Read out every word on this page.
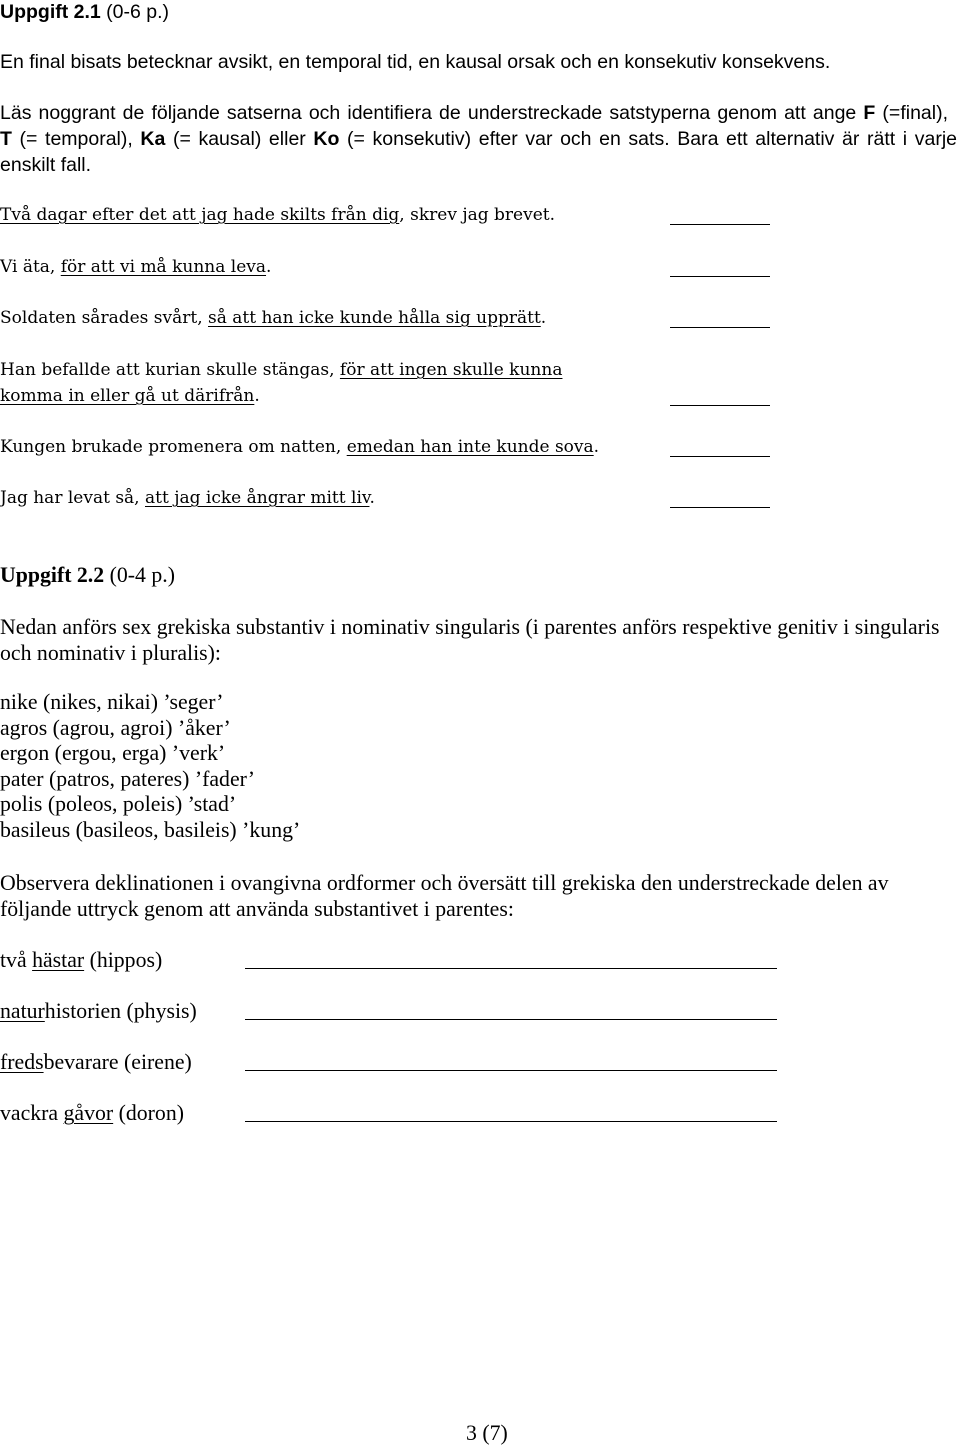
Uppgift 2.1 (0-6 p.)
En final bisats betecknar avsikt, en temporal tid, en kausal orsak och en konsekutiv konsekvens.
Läs noggrant de följande satserna och identifiera de understreckade satstyperna genom att ange F (=final),
T (= temporal), Ka (= kausal) eller Ko (= konsekutiv) efter var och en sats. Bara ett alternativ är rätt i varje
enskilt fall.
Två dagar efter det att jag hade skilts från dig, skrev jag brevet.
Vi äta, för att vi må kunna leva.
Soldaten sårades svårt, så att han icke kunde hålla sig upprätt.
Han befallde att kurian skulle stängas, för att ingen skulle kunna
komma in eller gå ut därifrån.
Kungen brukade promenera om natten, emedan han inte kunde sova.
Jag har levat så, att jag icke ångrar mitt liv.
Uppgift 2.2 (0-4 p.)
Nedan anförs sex grekiska substantiv i nominativ singularis (i parentes anförs respektive genitiv i singularis
och nominativ i pluralis):
nike (nikes, nikai) ’seger’
agros (agrou, agroi) ’åker’
ergon (ergou, erga) ’verk’
pater (patros, pateres) ’fader’
polis (poleos, poleis) ’stad’
basileus (basileos, basileis) ’kung’
Observera deklinationen i ovangivna ordformer och översätt till grekiska den understreckade delen av
följande uttryck genom att använda substantivet i parentes:
två hästar (hippos)
naturhistorien (physis)
fredsbevarare (eirene)
vackra gåvor (doron)
3 (7)
